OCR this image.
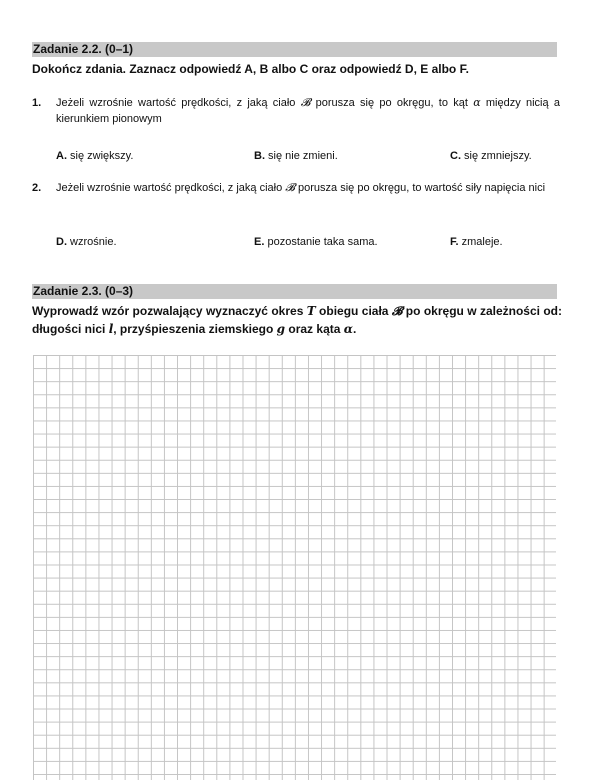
Zadanie 2.2. (0–1)
Dokończ zdania. Zaznacz odpowiedź A, B albo C oraz odpowiedź D, E albo F.
1. Jeżeli wzrośnie wartość prędkości, z jaką ciało 𝓑 porusza się po okręgu, to kąt α między nicią a kierunkiem pionowym
A. się zwiększy.	B. się nie zmieni.	C. się zmniejszy.
2. Jeżeli wzrośnie wartość prędkości, z jaką ciało 𝓑 porusza się po okręgu, to wartość siły napięcia nici
D. wzrośnie.	E. pozostanie taka sama.	F. zmaleje.
Zadanie 2.3. (0–3)
Wyprowadź wzór pozwalający wyznaczyć okres T obiegu ciała 𝓑 po okręgu w zależności od: długości nici l, przyśpieszenia ziemskiego g oraz kąta α.
